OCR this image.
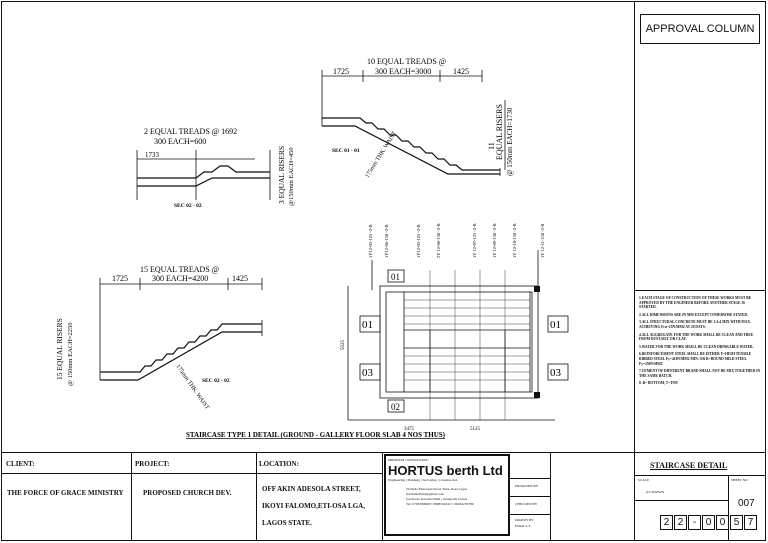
APPROVAL COLUMN

1.EACH STAGE OF CONSTRUCTION OF THESE WORKS MUST BE APPROVED BY THE ENGINEER BEFORE ANOTHER STAGE IS STARTED.

2.ALL DIMENSIONS ARE IN MM EXCEPT OTHERWISE STATED.

3.ALL STRUCTURAL CONCRETE MUST BE 1:2:4 MIX WITH MAX. ACHIEVING Fcu=25N/MM2 AT 28 DAYS.

4.ALL AGGREGATE FOR THE WORK SHALL BE CLEAN AND FREE FROM DUST,SILT OR CLAY.

5.WATER FOR THE WORK SHALL BE CLEAN DRINKABLE WATER.

6.REINFORCEMENT STEEL SHALL BE EITHER Y=HIGH TENSILE RIBBED STEEL Fy=410N/MM2 MIN. OR R=ROUND MILD STEEL Fy=250N/MM2

7.CEMENT OF DIFFERENT BRAND SHALL NOT BE MIX TOGETHER IN THE SAME BATCH.

8. B= BOTTOM, T=TOP.

10 EQUAL TREADS @
300 EACH=3000
1725	1425
11 EQUAL RISERS @ 150mm EACH=1730
175mm THK. WAIST
SEC 01 - 01
2 EQUAL TREADS @ 1692
300 EACH=600
1733	3 EQUAL RISERS @150mm EACH=450
SEC 02 - 02
15 EQUAL TREADS @
300 EACH=4200
1725	1425
15 EQUAL RISERS @ 150mm EACH=2250
175mm THK. WAIST
SEC 02 - 02
01
01	01
03	03
02
3475	5125
5025
1Y12-03-125 -2-B 1Y12-06-150 -2-B	1Y12-03-125 -2-B	2Y 12-06-150 -2-B	1Y 12-07-125 -2-B	1Y 12-09-150 -2-B	1Y 12-10-150 -2-B	1Y 12-11-150 -2-B
STAIRCASE TYPE 1 DETAIL (GROUND - GALLERY FLOOR SLAB 4 NOS THUS)
CLIENT:
THE FORCE OF GRACE MINISTRY
PROJECT:
PROPOSED CHURCH DEV.
LOCATION:
OFF AKIN ADESOLA STREET,
IKOYI FALOMO,ETI-OSA LGA,
LAGOS STATE.
PREMIUM CONSULTANT:
HORTUS berth Ltd
Engineering | Planning | Surveying | Construction
2b Dada Episcopal Street Yaba, Ilasa Lagos
hortusberthltd@gmail.com
facebook: hortusberthltd | instagram: hortus
Tel: 07033909807, 08085343417, 09034276789
DESIGNED BY
CHECKED BY
DRAWN BY
ENGR S.T
STAIRCASE DETAIL
SCALE
AS SHOWN
SHEET NO
007
2 2 - 0 0 5 7
